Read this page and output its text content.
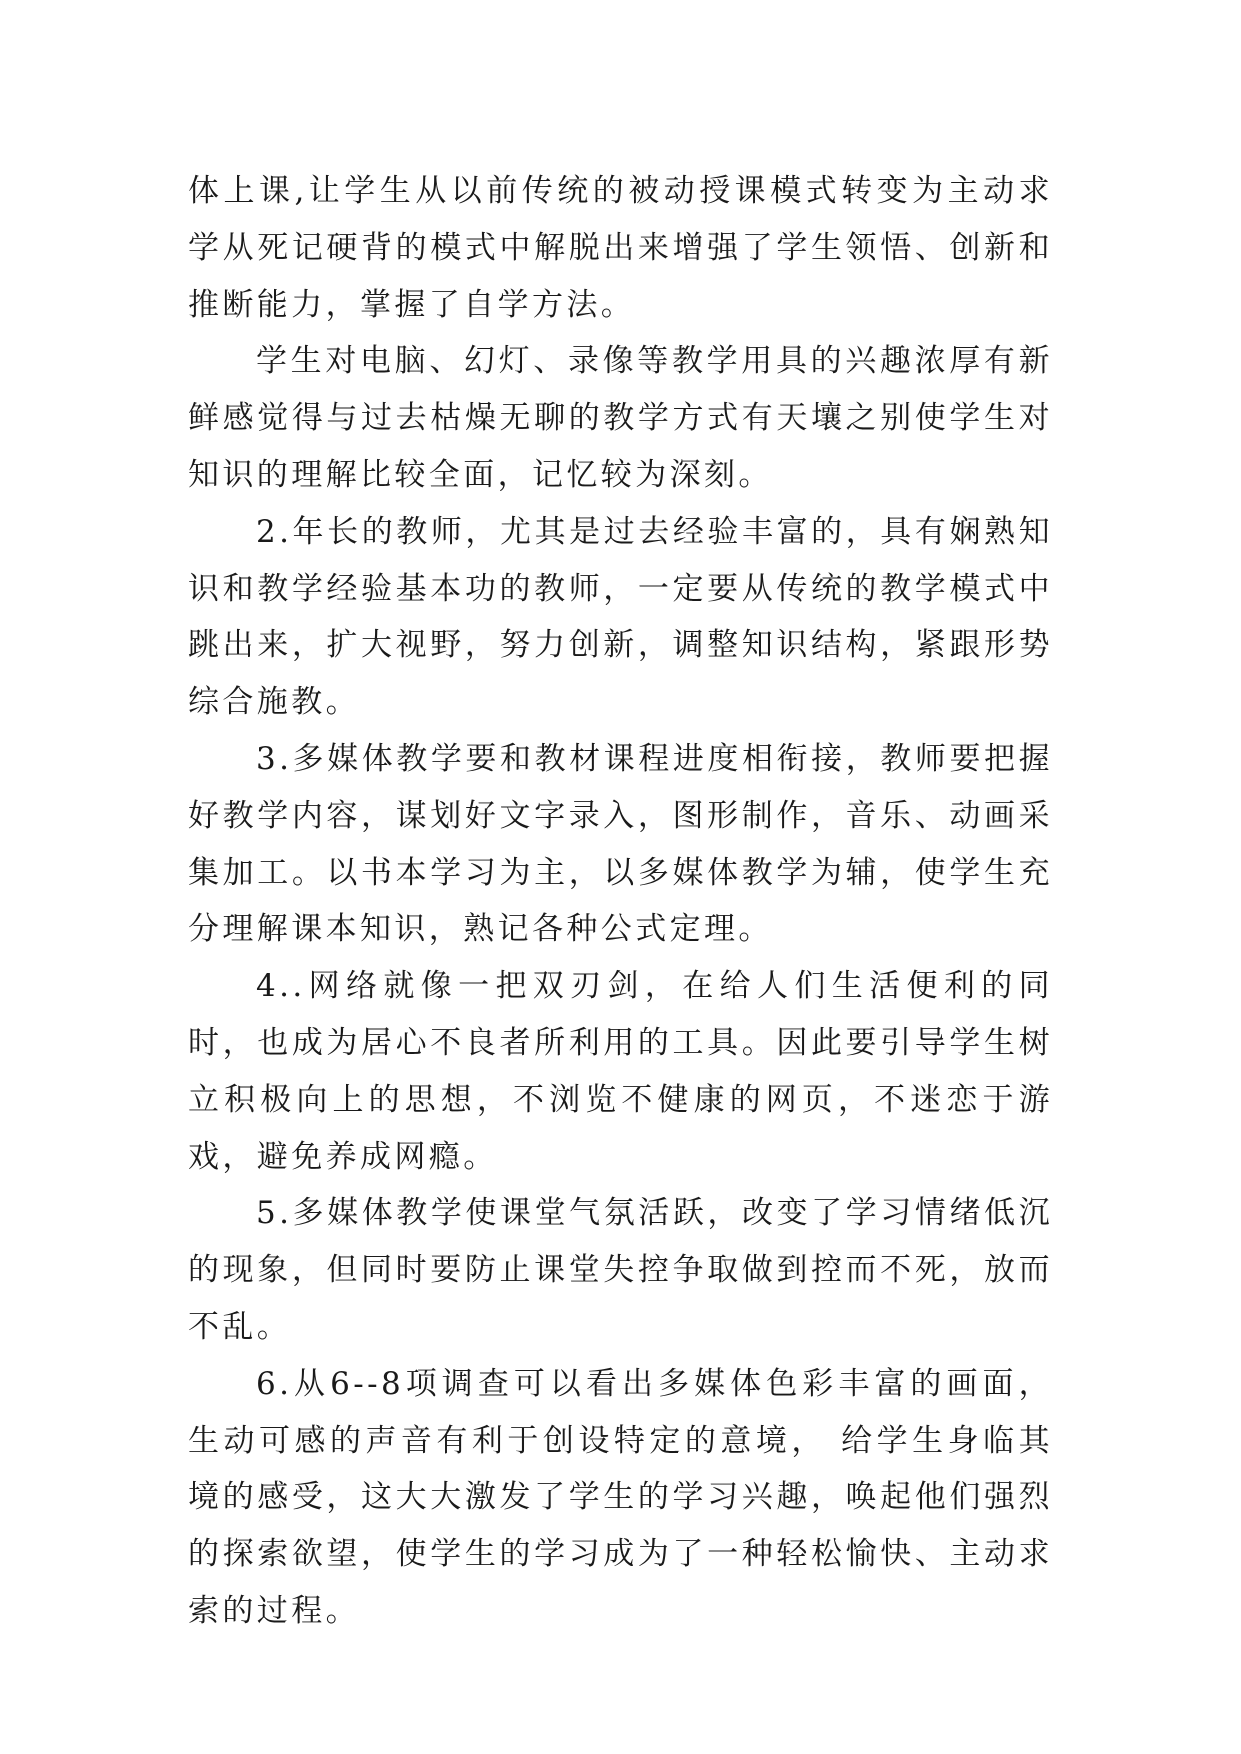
体上课,让学生从以前传统的被动授课模式转变为主动求学从死记硬背的模式中解脱出来增强了学生领悟、创新和推断能力，掌握了自学方法。

学生对电脑、幻灯、录像等教学用具的兴趣浓厚有新鲜感觉得与过去枯燥无聊的教学方式有天壤之别使学生对知识的理解比较全面，记忆较为深刻。

2.年长的教师，尤其是过去经验丰富的，具有娴熟知识和教学经验基本功的教师，一定要从传统的教学模式中跳出来，扩大视野，努力创新，调整知识结构，紧跟形势综合施教。

3.多媒体教学要和教材课程进度相衔接，教师要把握好教学内容，谋划好文字录入，图形制作，音乐、动画采集加工。以书本学习为主，以多媒体教学为辅，使学生充分理解课本知识，熟记各种公式定理。

4..网络就像一把双刃剑，在给人们生活便利的同时，也成为居心不良者所利用的工具。因此要引导学生树立积极向上的思想，不浏览不健康的网页，不迷恋于游戏，避免养成网瘾。

5.多媒体教学使课堂气氛活跃，改变了学习情绪低沉的现象，但同时要防止课堂失控争取做到控而不死，放而不乱。

6.从6--8项调查可以看出多媒体色彩丰富的画面，生动可感的声音有利于创设特定的意境， 给学生身临其境的感受，这大大激发了学生的学习兴趣，唤起他们强烈的探索欲望，使学生的学习成为了一种轻松愉快、主动求索的过程。
